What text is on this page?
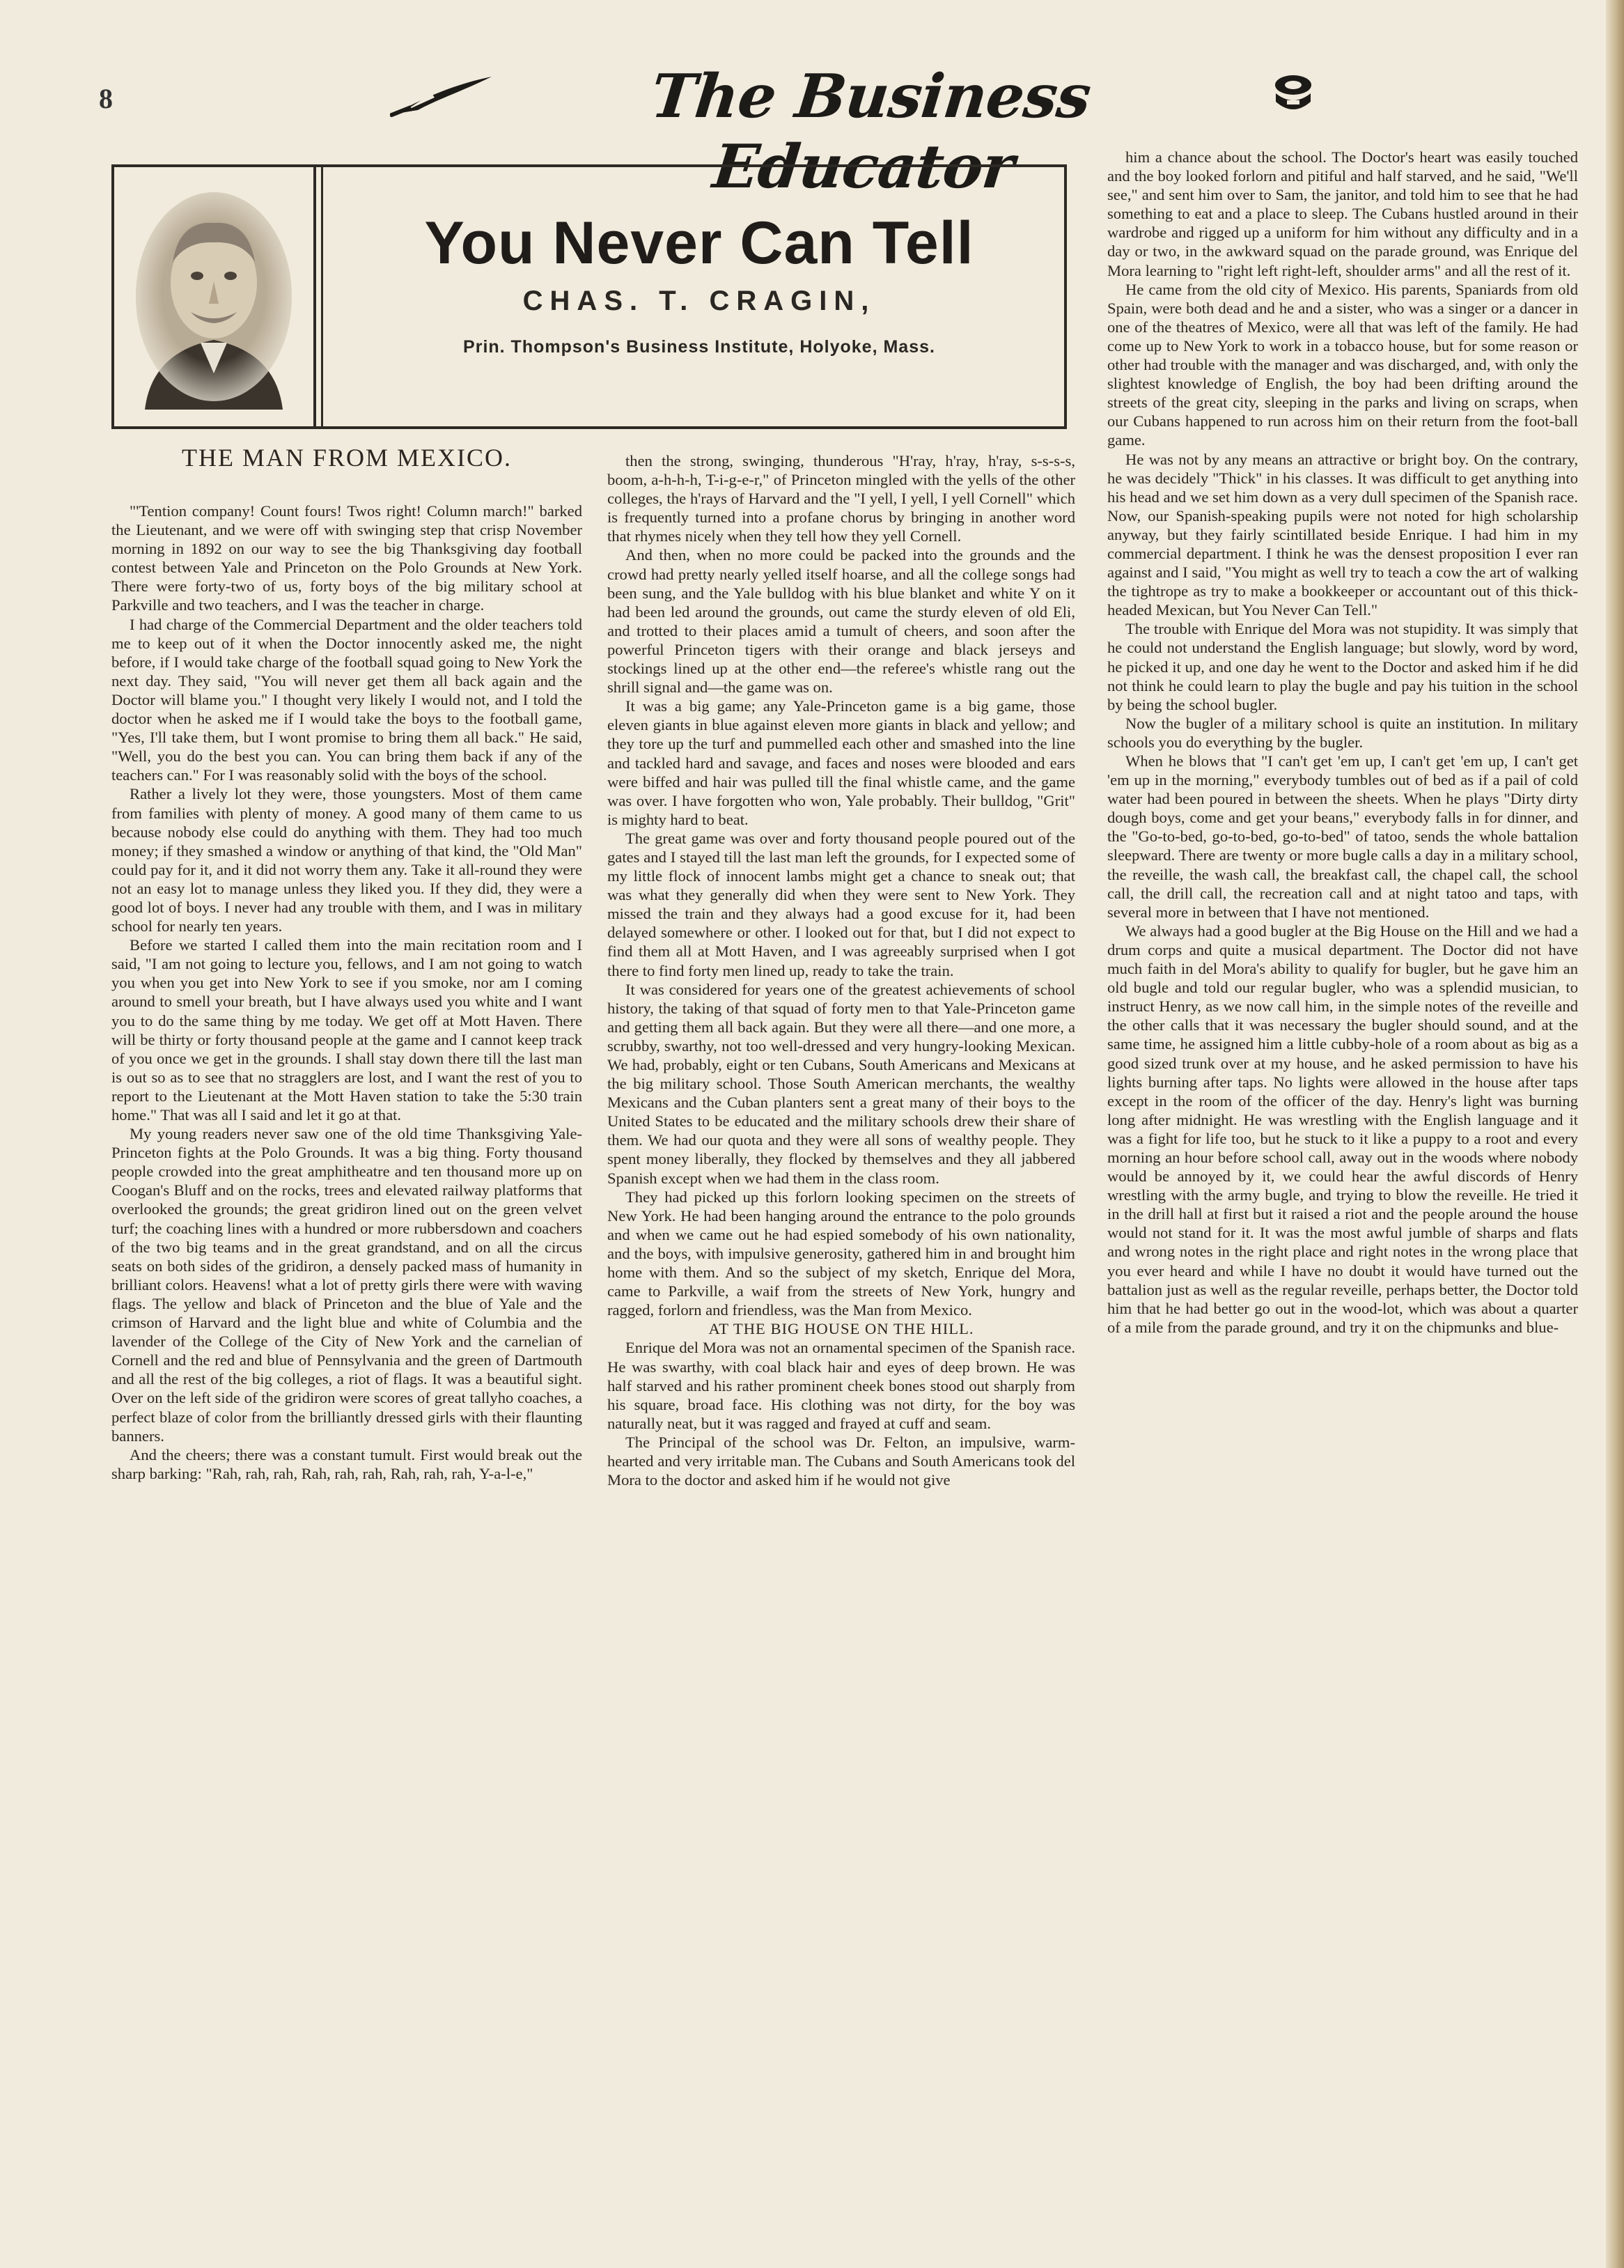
8	The Business Educator
You Never Can Tell
CHAS. T. CRAGIN,
Prin. Thompson's Business Institute, Holyoke, Mass.
THE MAN FROM MEXICO.

"'Tention company! Count fours! Twos right! Column march!" barked the Lieutenant, and we were off with swinging step that crisp November morning in 1892 on our way to see the big Thanksgiving day football contest between Yale and Princeton on the Polo Grounds at New York. There were forty-two of us, forty boys of the big military school at Parkville and two teachers, and I was the teacher in charge.

I had charge of the Commercial Department and the older teachers told me to keep out of it when the Doctor innocently asked me, the night before, if I would take charge of the football squad going to New York the next day. They said, "You will never get them all back again and the Doctor will blame you." I thought very likely I would not, and I told the doctor when he asked me if I would take the boys to the football game, "Yes, I'll take them, but I wont promise to bring them all back." He said, "Well, you do the best you can. You can bring them back if any of the teachers can." For I was reasonably solid with the boys of the school.

Rather a lively lot they were, those youngsters. Most of them came from families with plenty of money. A good many of them came to us because nobody else could do anything with them. They had too much money; if they smashed a window or anything of that kind, the "Old Man" could pay for it, and it did not worry them any. Take it all-round they were not an easy lot to manage unless they liked you. If they did, they were a good lot of boys. I never had any trouble with them, and I was in military school for nearly ten years.

Before we started I called them into the main recitation room and I said, "I am not going to lecture you, fellows, and I am not going to watch you when you get into New York to see if you smoke, nor am I coming around to smell your breath, but I have always used you white and I want you to do the same thing by me today. We get off at Mott Haven. There will be thirty or forty thousand people at the game and I cannot keep track of you once we get in the grounds. I shall stay down there till the last man is out so as to see that no stragglers are lost, and I want the rest of you to report to the Lieutenant at the Mott Haven station to take the 5:30 train home." That was all I said and let it go at that.

My young readers never saw one of the old time Thanksgiving Yale-Princeton fights at the Polo Grounds. It was a big thing. Forty thousand people crowded into the great amphitheatre and ten thousand more up on Coogan's Bluff and on the rocks, trees and elevated railway platforms that overlooked the grounds; the great gridiron lined out on the green velvet turf; the coaching lines with a hundred or more rubbersdown and coachers of the two big teams and in the great grandstand, and on all the circus seats on both sides of the gridiron, a densely packed mass of humanity in brilliant colors. Heavens! what a lot of pretty girls there were with waving flags. The yellow and black of Princeton and the blue of Yale and the crimson of Harvard and the light blue and white of Columbia and the lavender of the College of the City of New York and the carnelian of Cornell and the red and blue of Pennsylvania and the green of Dartmouth and all the rest of the big colleges, a riot of flags. It was a beautiful sight. Over on the left side of the gridiron were scores of great tallyho coaches, a perfect blaze of color from the brilliantly dressed girls with their flaunting banners.

And the cheers; there was a constant tumult. First would break out the sharp barking: "Rah, rah, rah, Rah, rah, rah, Rah, rah, rah, Y-a-l-e,"

then the strong, swinging, thunderous "H'ray, h'ray, h'ray, s-s-s-s, boom, a-h-h-h, T-i-g-e-r," of Princeton mingled with the yells of the other colleges, the h'rays of Harvard and the "I yell, I yell, I yell Cornell" which is frequently turned into a profane chorus by bringing in another word that rhymes nicely when they tell how they yell Cornell.

And then, when no more could be packed into the grounds and the crowd had pretty nearly yelled itself hoarse, and all the college songs had been sung, and the Yale bulldog with his blue blanket and white Y on it had been led around the grounds, out came the sturdy eleven of old Eli, and trotted to their places amid a tumult of cheers, and soon after the powerful Princeton tigers with their orange and black jerseys and stockings lined up at the other end—the referee's whistle rang out the shrill signal and—the game was on.

It was a big game; any Yale-Princeton game is a big game, those eleven giants in blue against eleven more giants in black and yellow; and they tore up the turf and pummelled each other and smashed into the line and tackled hard and savage, and faces and noses were blooded and ears were biffed and hair was pulled till the final whistle came, and the game was over. I have forgotten who won, Yale probably. Their bulldog, "Grit" is mighty hard to beat.

The great game was over and forty thousand people poured out of the gates and I stayed till the last man left the grounds, for I expected some of my little flock of innocent lambs might get a chance to sneak out; that was what they generally did when they were sent to New York. They missed the train and they always had a good excuse for it, had been delayed somewhere or other. I looked out for that, but I did not expect to find them all at Mott Haven, and I was agreeably surprised when I got there to find forty men lined up, ready to take the train.

It was considered for years one of the greatest achievements of school history, the taking of that squad of forty men to that Yale-Princeton game and getting them all back again. But they were all there—and one more, a scrubby, swarthy, not too well-dressed and very hungry-looking Mexican. We had, probably, eight or ten Cubans, South Americans and Mexicans at the big military school. Those South American merchants, the wealthy Mexicans and the Cuban planters sent a great many of their boys to the United States to be educated and the military schools drew their share of them. We had our quota and they were all sons of wealthy people. They spent money liberally, they flocked by themselves and they all jabbered Spanish except when we had them in the class room.

They had picked up this forlorn looking specimen on the streets of New York. He had been hanging around the entrance to the polo grounds and when we came out he had espied somebody of his own nationality, and the boys, with impulsive generosity, gathered him in and brought him home with them. And so the subject of my sketch, Enrique del Mora, came to Parkville, a waif from the streets of New York, hungry and ragged, forlorn and friendless, was the Man from Mexico.

AT THE BIG HOUSE ON THE HILL.

Enrique del Mora was not an ornamental specimen of the Spanish race. He was swarthy, with coal black hair and eyes of deep brown. He was half starved and his rather prominent cheek bones stood out sharply from his square, broad face. His clothing was not dirty, for the boy was naturally neat, but it was ragged and frayed at cuff and seam.

The Principal of the school was Dr. Felton, an impulsive, warm-hearted and very irritable man. The Cubans and South Americans took del Mora to the doctor and asked him if he would not give

him a chance about the school. The Doctor's heart was easily touched and the boy looked forlorn and pitiful and half starved, and he said, "We'll see," and sent him over to Sam, the janitor, and told him to see that he had something to eat and a place to sleep. The Cubans hustled around in their wardrobe and rigged up a uniform for him without any difficulty and in a day or two, in the awkward squad on the parade ground, was Enrique del Mora learning to "right left right-left, shoulder arms" and all the rest of it.

He came from the old city of Mexico. His parents, Spaniards from old Spain, were both dead and he and a sister, who was a singer or a dancer in one of the theatres of Mexico, were all that was left of the family. He had come up to New York to work in a tobacco house, but for some reason or other had trouble with the manager and was discharged, and, with only the slightest knowledge of English, the boy had been drifting around the streets of the great city, sleeping in the parks and living on scraps, when our Cubans happened to run across him on their return from the foot-ball game.

He was not by any means an attractive or bright boy. On the contrary, he was decidely "Thick" in his classes. It was difficult to get anything into his head and we set him down as a very dull specimen of the Spanish race. Now, our Spanish-speaking pupils were not noted for high scholarship anyway, but they fairly scintillated beside Enrique. I had him in my commercial department. I think he was the densest proposition I ever ran against and I said, "You might as well try to teach a cow the art of walking the tightrope as try to make a bookkeeper or accountant out of this thick-headed Mexican, but You Never Can Tell."

The trouble with Enrique del Mora was not stupidity. It was simply that he could not understand the English language; but slowly, word by word, he picked it up, and one day he went to the Doctor and asked him if he did not think he could learn to play the bugle and pay his tuition in the school by being the school bugler.

Now the bugler of a military school is quite an institution. In military schools you do everything by the bugler.

When he blows that "I can't get 'em up, I can't get 'em up, I can't get 'em up in the morning," everybody tumbles out of bed as if a pail of cold water had been poured in between the sheets. When he plays "Dirty dirty dough boys, come and get your beans," everybody falls in for dinner, and the "Go-to-bed, go-to-bed, go-to-bed" of tatoo, sends the whole battalion sleepward. There are twenty or more bugle calls a day in a military school, the reveille, the wash call, the breakfast call, the chapel call, the school call, the drill call, the recreation call and at night tatoo and taps, with several more in between that I have not mentioned.

We always had a good bugler at the Big House on the Hill and we had a drum corps and quite a musical department. The Doctor did not have much faith in del Mora's ability to qualify for bugler, but he gave him an old bugle and told our regular bugler, who was a splendid musician, to instruct Henry, as we now call him, in the simple notes of the reveille and the other calls that it was necessary the bugler should sound, and at the same time, he assigned him a little cubby-hole of a room about as big as a good sized trunk over at my house, and he asked permission to have his lights burning after taps. No lights were allowed in the house after taps except in the room of the officer of the day. Henry's light was burning long after midnight. He was wrestling with the English language and it was a fight for life too, but he stuck to it like a puppy to a root and every morning an hour before school call, away out in the woods where nobody would be annoyed by it, we could hear the awful discords of Henry wrestling with the army bugle, and trying to blow the reveille. He tried it in the drill hall at first but it raised a riot and the people around the house would not stand for it. It was the most awful jumble of sharps and flats and wrong notes in the right place and right notes in the wrong place that you ever heard and while I have no doubt it would have turned out the battalion just as well as the regular reveille, perhaps better, the Doctor told him that he had better go out in the wood-lot, which was about a quarter of a mile from the parade ground, and try it on the chipmunks and blue-
